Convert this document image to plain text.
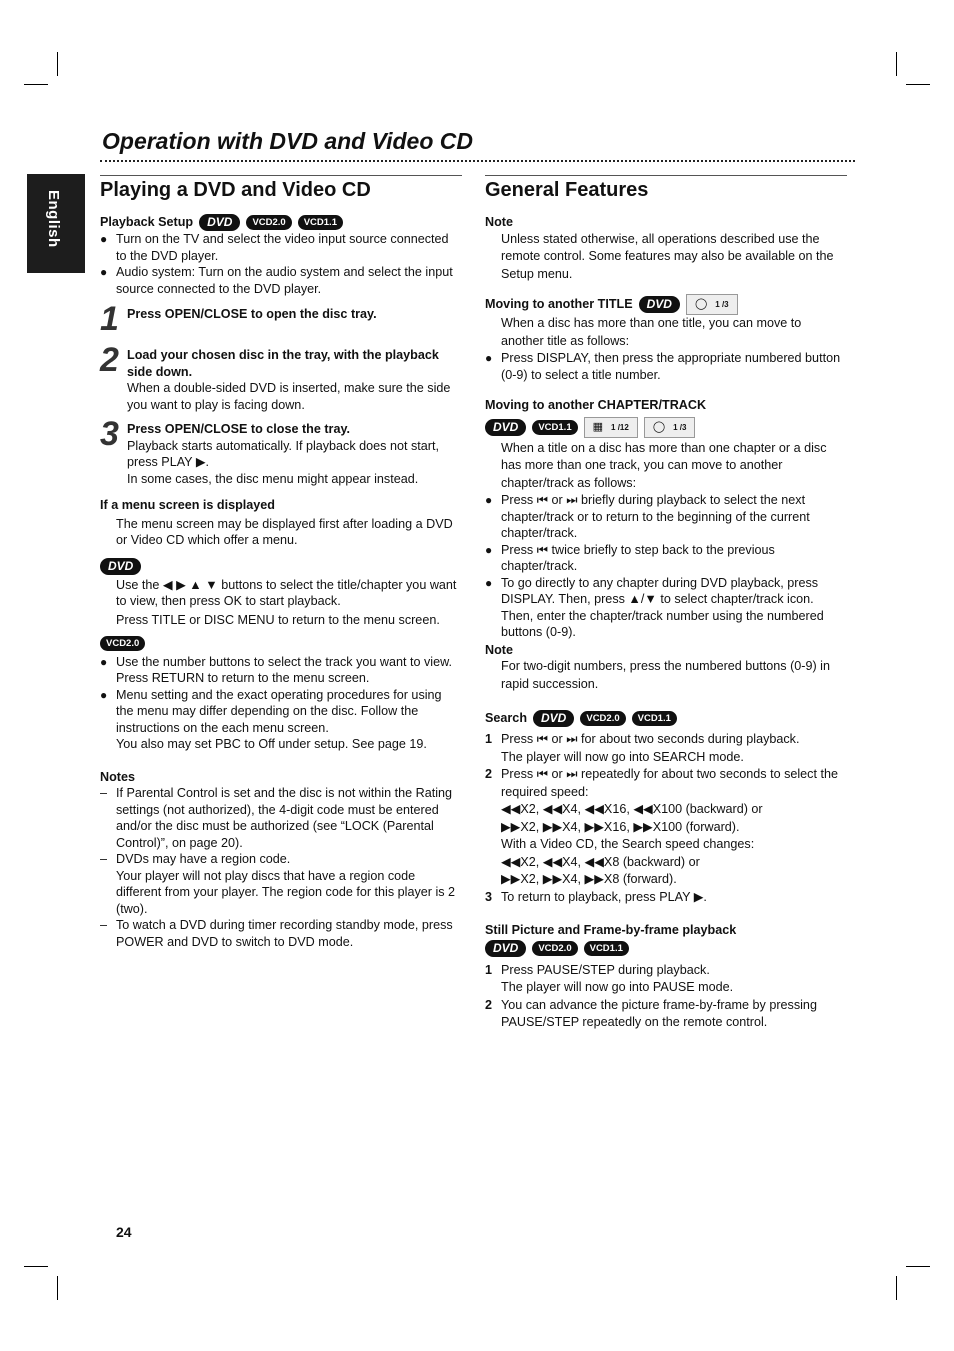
English
Operation with DVD and Video CD
Playing a DVD and Video CD
Playback Setup	DVD	VCD2.0	VCD1.1

● Turn on the TV and select the video input source connected to the DVD player.

● Audio system: Turn on the audio system and select the input source connected to the DVD player.

1 Press OPEN/CLOSE to open the disc tray.

2 Load your chosen disc in the tray, with the playback side down.

When a double-sided DVD is inserted, make sure the side you want to play is facing down.

3 Press OPEN/CLOSE to close the tray.

Playback starts automatically. If playback does not start, press PLAY ▶.

In some cases, the disc menu might appear instead.

If a menu screen is displayed

The menu screen may be displayed first after loading a DVD or Video CD which offer a menu.

DVD

Use the ◀ ▶ ▲ ▼ buttons to select the title/chapter you want to view, then press OK to start playback.

Press TITLE or DISC MENU to return to the menu screen.

VCD2.0

● Use the number buttons to select the track you want to view.

Press RETURN to return to the menu screen.

● Menu setting and the exact operating procedures for using the menu may differ depending on the disc. Follow the instructions on the each menu screen.

You also may set PBC to Off under setup. See page 19.

Notes

– If Parental Control is set and the disc is not within the Rating settings (not authorized), the 4-digit code must be entered and/or the disc must be authorized (see “LOCK (Parental Control)”, on page 20).

– DVDs may have a region code.

Your player will not play discs that have a region code different from your player. The region code for this player is 2 (two).

– To watch a DVD during timer recording standby mode, press POWER and DVD to switch to DVD mode.

General Features
Note

Unless stated otherwise, all operations described use the remote control. Some features may also be available on the Setup menu.

Moving to another TITLE	DVD	◯ 1 /3

When a disc has more than one title, you can move to another title as follows:

● Press DISPLAY, then press the appropriate numbered button (0-9) to select a title number.

Moving to another CHAPTER/TRACK
DVD	VCD1.1	▦ 1 /12	◯ 1 /3

When a title on a disc has more than one chapter or a disc has more than one track, you can move to another chapter/track as follows:

● Press ⏮ or ⏭ briefly during playback to select the next chapter/track or to return to the beginning of the current chapter/track.

● Press ⏮ twice briefly to step back to the previous chapter/track.

● To go directly to any chapter during DVD playback, press DISPLAY. Then, press ▲/▼ to select chapter/track icon. Then, enter the chapter/track number using the numbered buttons (0-9).

Note

For two-digit numbers, press the numbered buttons (0-9) in rapid succession.

Search	DVD	VCD2.0	VCD1.1
1 Press ⏮ or ⏭ for about two seconds during playback.

The player will now go into SEARCH mode.

2 Press ⏮ or ⏭ repeatedly for about two seconds to select the required speed:

◀◀X2, ◀◀X4, ◀◀X16, ◀◀X100 (backward) or

▶▶X2, ▶▶X4, ▶▶X16, ▶▶X100 (forward).

With a Video CD, the Search speed changes:

◀◀X2, ◀◀X4, ◀◀X8 (backward) or

▶▶X2, ▶▶X4, ▶▶X8 (forward).

3 To return to playback, press PLAY ▶.

Still Picture and Frame-by-frame playback
DVD	VCD2.0	VCD1.1
1 Press PAUSE/STEP during playback.

The player will now go into PAUSE mode.

2 You can advance the picture frame-by-frame by pressing PAUSE/STEP repeatedly on the remote control.

24
